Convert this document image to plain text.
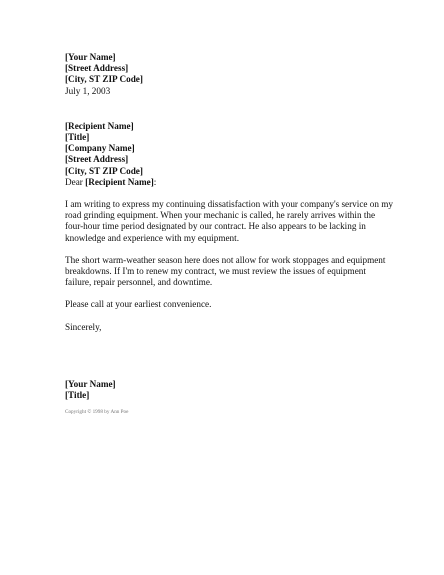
[Your Name]
[Street Address]
[City, ST ZIP Code]
July 1, 2003
[Recipient Name]
[Title]
[Company Name]
[Street Address]
[City, ST ZIP Code]
Dear [Recipient Name]:
I am writing to express my continuing dissatisfaction with your company's service on my
road grinding equipment. When your mechanic is called, he rarely arrives within the
four-hour time period designated by our contract. He also appears to be lacking in
knowledge and experience with my equipment.
The short warm-weather season here does not allow for work stoppages and equipment
breakdowns. If I'm to renew my contract, we must review the issues of equipment
failure, repair personnel, and downtime.
Please call at your earliest convenience.
Sincerely,
[Your Name]
[Title]
Copyright © 1998 by Ann Poe
